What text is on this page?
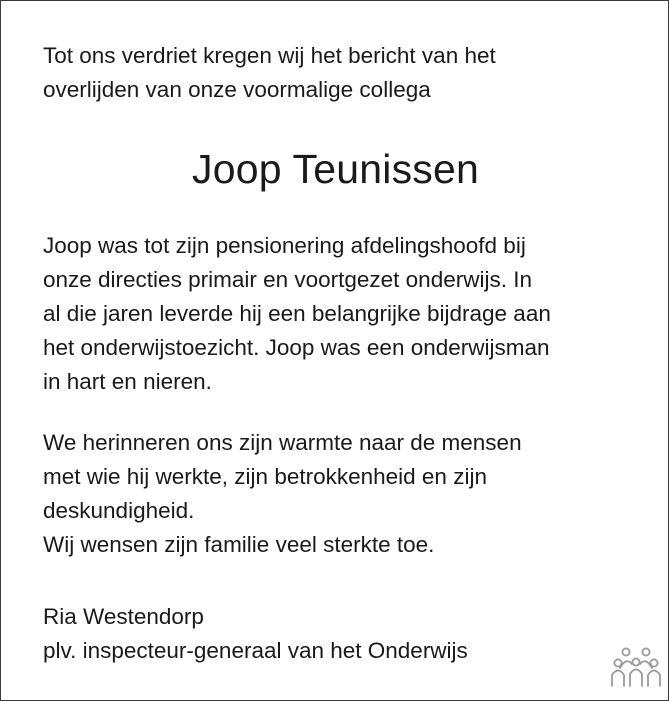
Tot ons verdriet kregen wij het bericht van het
overlijden van onze voormalige collega
Joop Teunissen
Joop was tot zijn pensionering afdelingshoofd bij
onze directies primair en voortgezet onderwijs. In
al die jaren leverde hij een belangrijke bijdrage aan
het onderwijstoezicht. Joop was een onderwijsman
in hart en nieren.
We herinneren ons zijn warmte naar de mensen
met wie hij werkte, zijn betrokkenheid en zijn
deskundigheid.
Wij wensen zijn familie veel sterkte toe.
Ria Westendorp
plv. inspecteur-generaal van het Onderwijs
